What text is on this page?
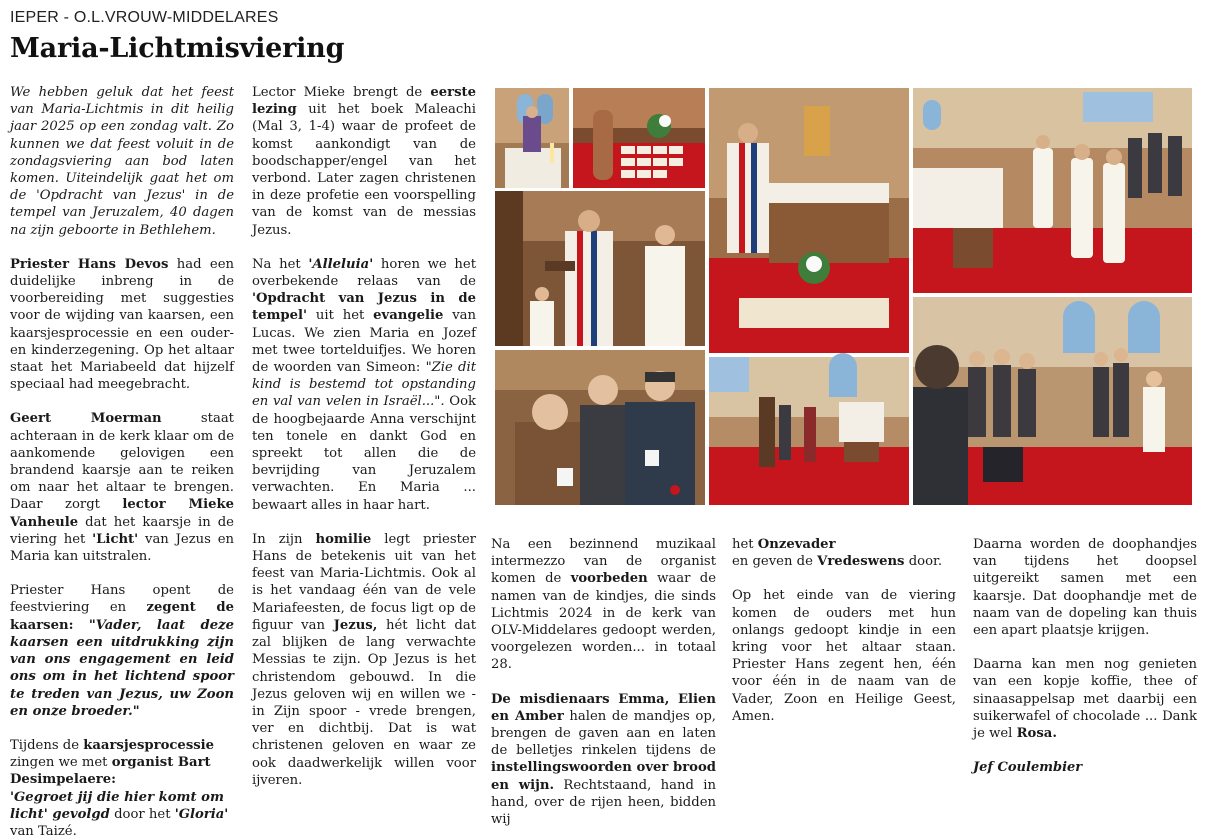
IEPER - O.L.VROUW-MIDDELARES
Maria-Lichtmisviering

We hebben geluk dat het feest van Maria-Lichtmis in dit heilig jaar 2025 op een zondag valt. Zo kunnen we dat feest voluit in de zondagsviering aan bod laten komen. Uiteindelijk gaat het om de 'Opdracht van Jezus' in de tempel van Jeruzalem, 40 dagen na zijn geboorte in Bethlehem.

Priester Hans Devos had een duidelijke inbreng in de voorbereiding met suggesties voor de wijding van kaarsen, een kaarsjesprocessie en een ouder- en kinderzegening. Op het altaar staat het Mariabeeld dat hijzelf speciaal had meegebracht.

Geert Moerman staat achteraan in de kerk klaar om de aankomende gelovigen een brandend kaarsje aan te reiken om naar het altaar te brengen. Daar zorgt lector Mieke Vanheule dat het kaarsje in de viering het 'Licht' van Jezus en Maria kan uitstralen.

Priester Hans opent de feestviering en zegent de kaarsen: "Vader, laat deze kaarsen een uitdrukking zijn van ons engagement en leid ons om in het lichtend spoor te treden van Jezus, uw Zoon en onze broeder."

Tijdens de kaarsjesprocessie zingen we met organist Bart Desimpelaere:
'Gegroet jij die hier komt om licht' gevolgd door het 'Gloria' van Taizé.

Lector Mieke brengt de eerste lezing uit het boek Maleachi (Mal 3, 1-4) waar de profeet de komst aankondigt van de boodschapper/engel van het verbond. Later zagen christenen in deze profetie een voorspelling van de komst van de messias Jezus.

Na het 'Alleluia' horen we het overbekende relaas van de 'Opdracht van Jezus in de tempel' uit het evangelie van Lucas. We zien Maria en Jozef met twee tortelduifjes. We horen de woorden van Simeon: "Zie dit kind is bestemd tot opstanding en val van velen in Israël...". Ook de hoogbejaarde Anna verschijnt ten tonele en dankt God en spreekt tot allen die de bevrijding van Jeruzalem verwachten. En Maria ... bewaart alles in haar hart.

In zijn homilie legt priester Hans de betekenis uit van het feest van Maria-Lichtmis. Ook al is het vandaag één van de vele Mariafeesten, de focus ligt op de figuur van Jezus, hét licht dat zal blijken de lang verwachte Messias te zijn. Op Jezus is het christendom gebouwd. In die Jezus geloven wij en willen we - in Zijn spoor - vrede brengen, ver en dichtbij. Dat is wat christenen geloven en waar ze ook daadwerkelijk willen voor ijveren.

Na een bezinnend muzikaal intermezzo van de organist komen de voorbeden waar de namen van de kindjes, die sinds Lichtmis 2024 in de kerk van OLV-Middelares gedoopt werden, voorgelezen worden... in totaal 28.

De misdienaars Emma, Elien en Amber halen de mandjes op, brengen de gaven aan en laten de belletjes rinkelen tijdens de instellingswoorden over brood en wijn. Rechtstaand, hand in hand, over de rijen heen, bidden wij

het Onzevader
en geven de Vredeswens door.

Op het einde van de viering komen de ouders met hun onlangs gedoopt kindje in een kring voor het altaar staan. Priester Hans zegent hen, één voor één in de naam van de Vader, Zoon en Heilige Geest, Amen.

Daarna worden de doophandjes van tijdens het doopsel uitgereikt samen met een kaarsje. Dat doophandje met de naam van de dopeling kan thuis een apart plaatsje krijgen.

Daarna kan men nog genieten van een kopje koffie, thee of sinaasappelsap met daarbij een suikerwafel of chocolade ... Dank je wel Rosa.

Jef Coulembier
